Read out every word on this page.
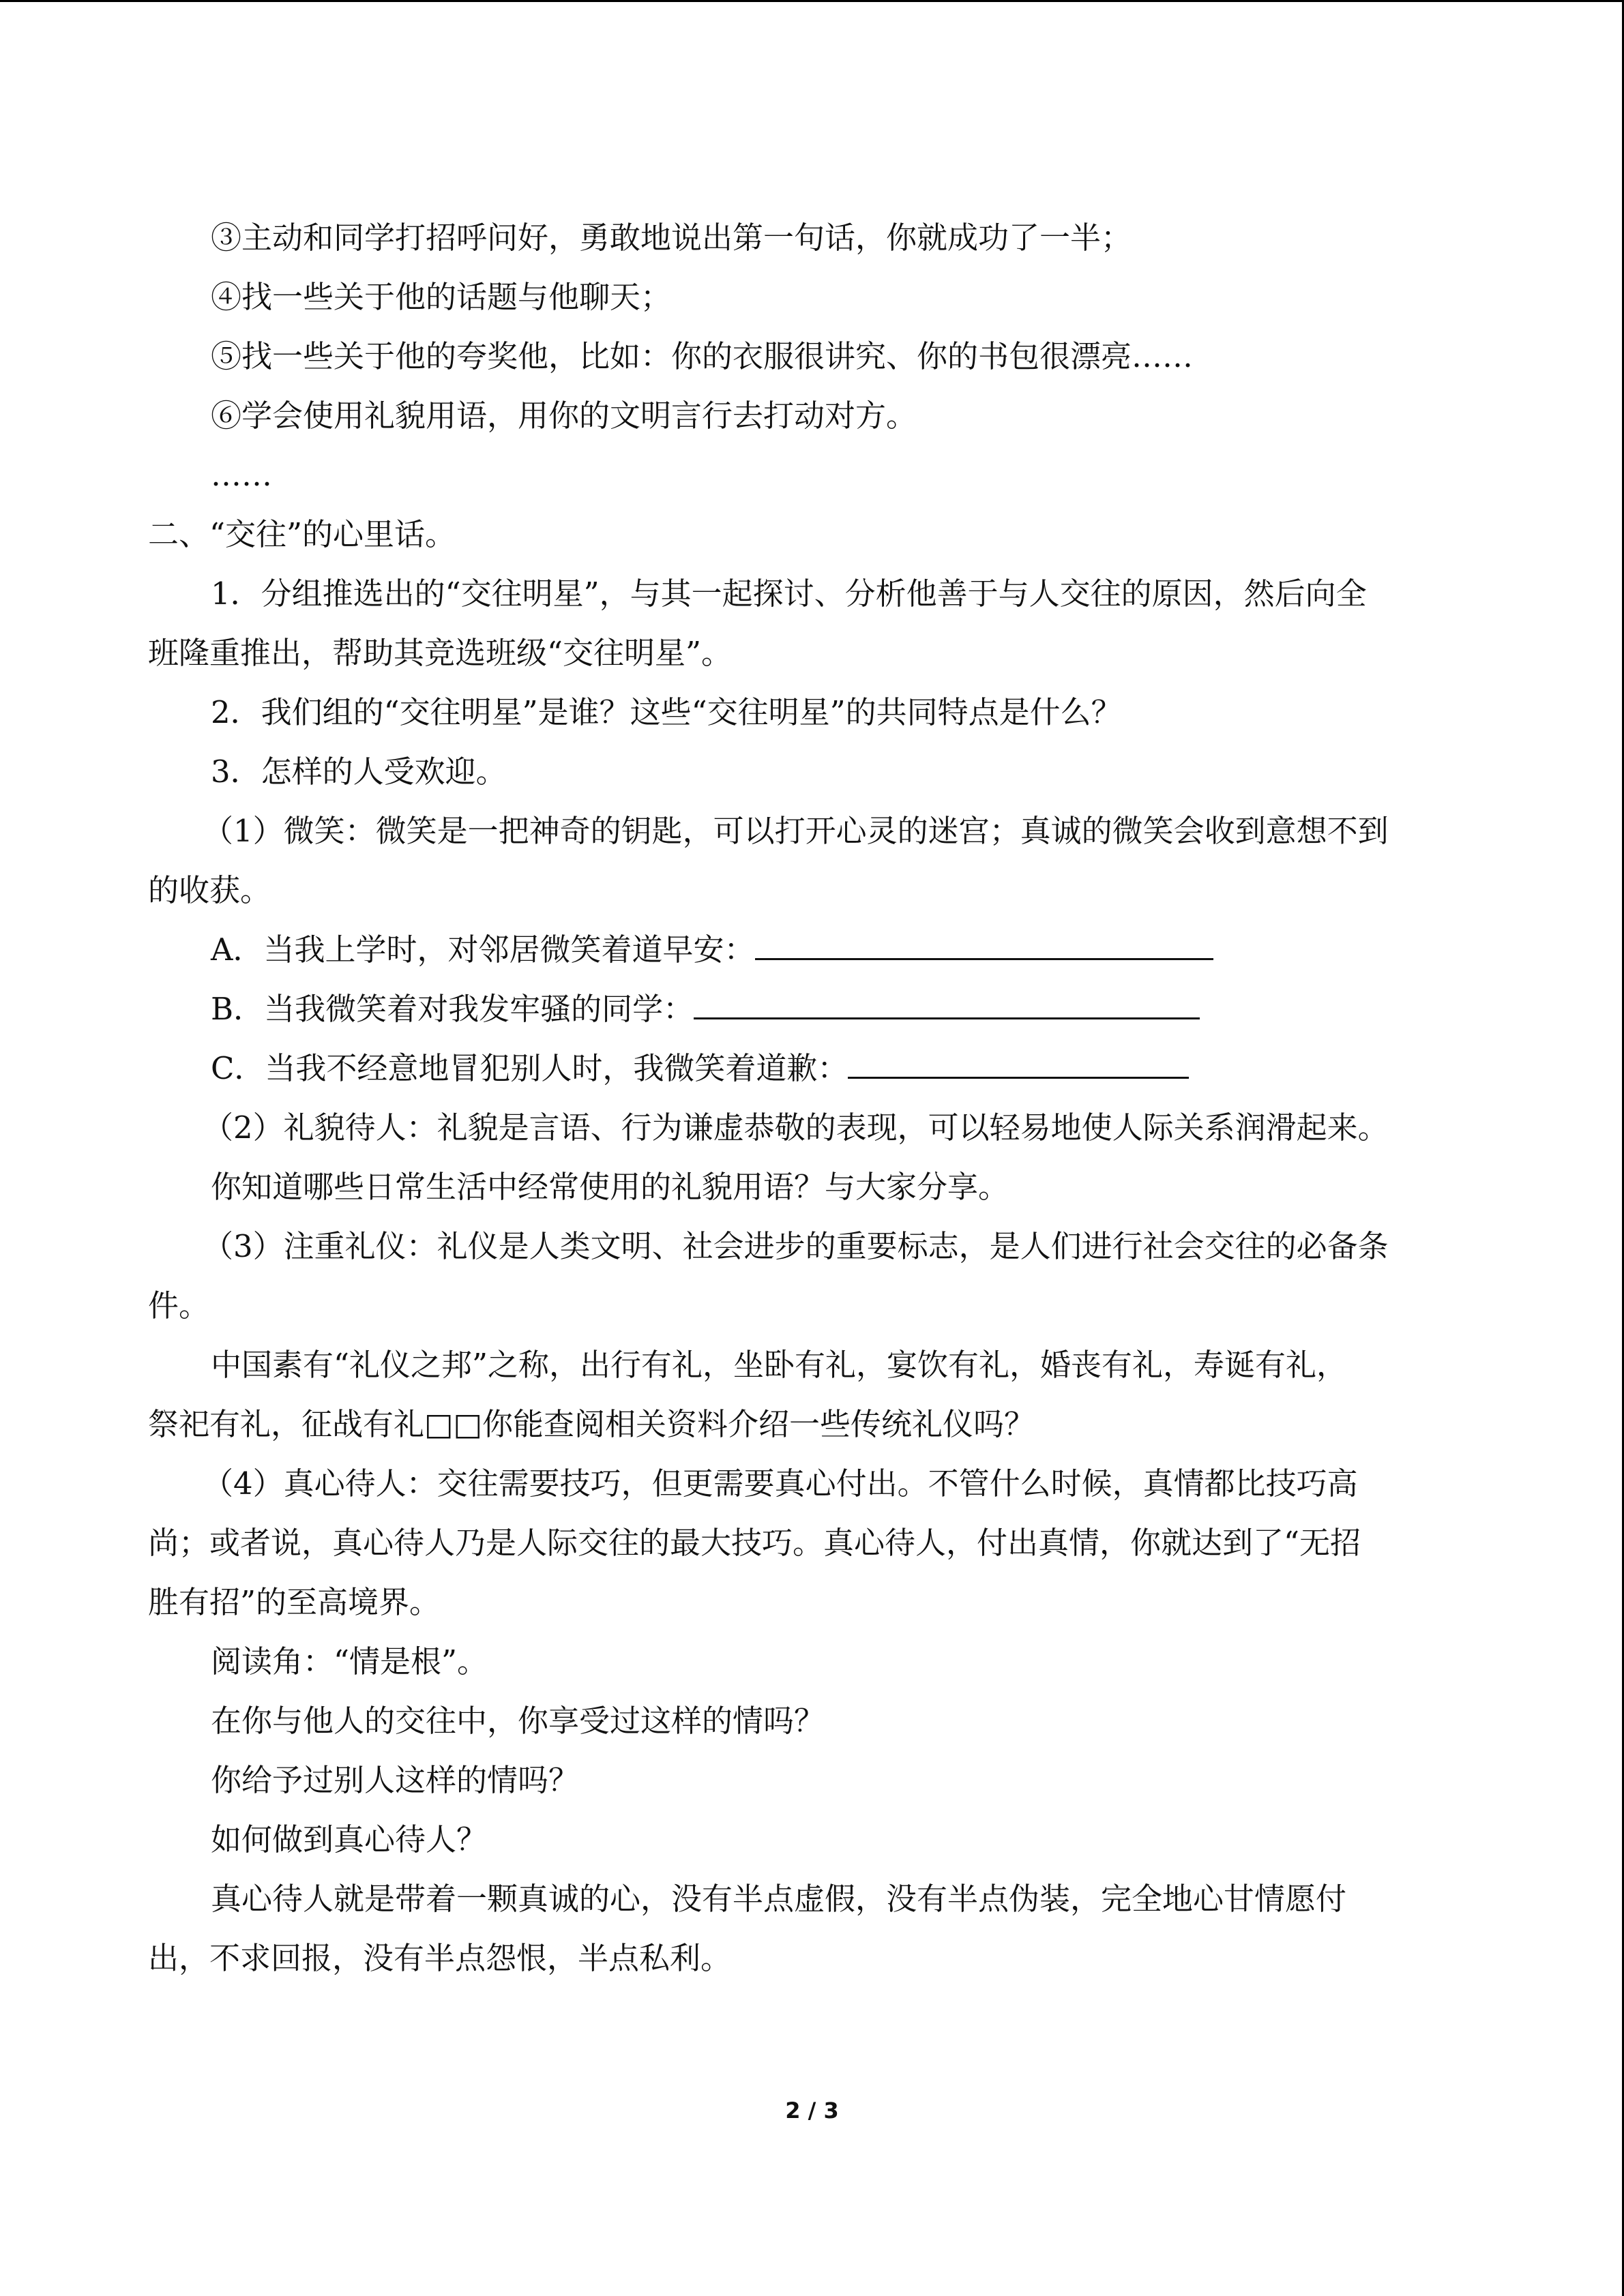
③主动和同学打招呼问好，勇敢地说出第一句话，你就成功了一半；
④找一些关于他的话题与他聊天；
⑤找一些关于他的夸奖他，比如：你的衣服很讲究、你的书包很漂亮……
⑥学会使用礼貌用语，用你的文明言行去打动对方。
……
二、“交往”的心里话。
1．分组推选出的“交往明星”，与其一起探讨、分析他善于与人交往的原因，然后向全
班隆重推出，帮助其竞选班级“交往明星”。
2．我们组的“交往明星”是谁？这些“交往明星”的共同特点是什么？
3．怎样的人受欢迎。
（1）微笑：微笑是一把神奇的钥匙，可以打开心灵的迷宫；真诚的微笑会收到意想不到
的收获。
A．当我上学时，对邻居微笑着道早安：
B．当我微笑着对我发牢骚的同学：
C．当我不经意地冒犯别人时，我微笑着道歉：
（2）礼貌待人：礼貌是言语、行为谦虚恭敬的表现，可以轻易地使人际关系润滑起来。
你知道哪些日常生活中经常使用的礼貌用语？与大家分享。
（3）注重礼仪：礼仪是人类文明、社会进步的重要标志，是人们进行社会交往的必备条
件。
中国素有“礼仪之邦”之称，出行有礼，坐卧有礼，宴饮有礼，婚丧有礼，寿诞有礼，
祭祀有礼，征战有礼□□你能查阅相关资料介绍一些传统礼仪吗？
（4）真心待人：交往需要技巧，但更需要真心付出。不管什么时候，真情都比技巧高
尚；或者说，真心待人乃是人际交往的最大技巧。真心待人，付出真情，你就达到了“无招
胜有招”的至高境界。
阅读角：“情是根”。
在你与他人的交往中，你享受过这样的情吗？
你给予过别人这样的情吗？
如何做到真心待人？
真心待人就是带着一颗真诚的心，没有半点虚假，没有半点伪装，完全地心甘情愿付
出，不求回报，没有半点怨恨，半点私利。
2 / 3
